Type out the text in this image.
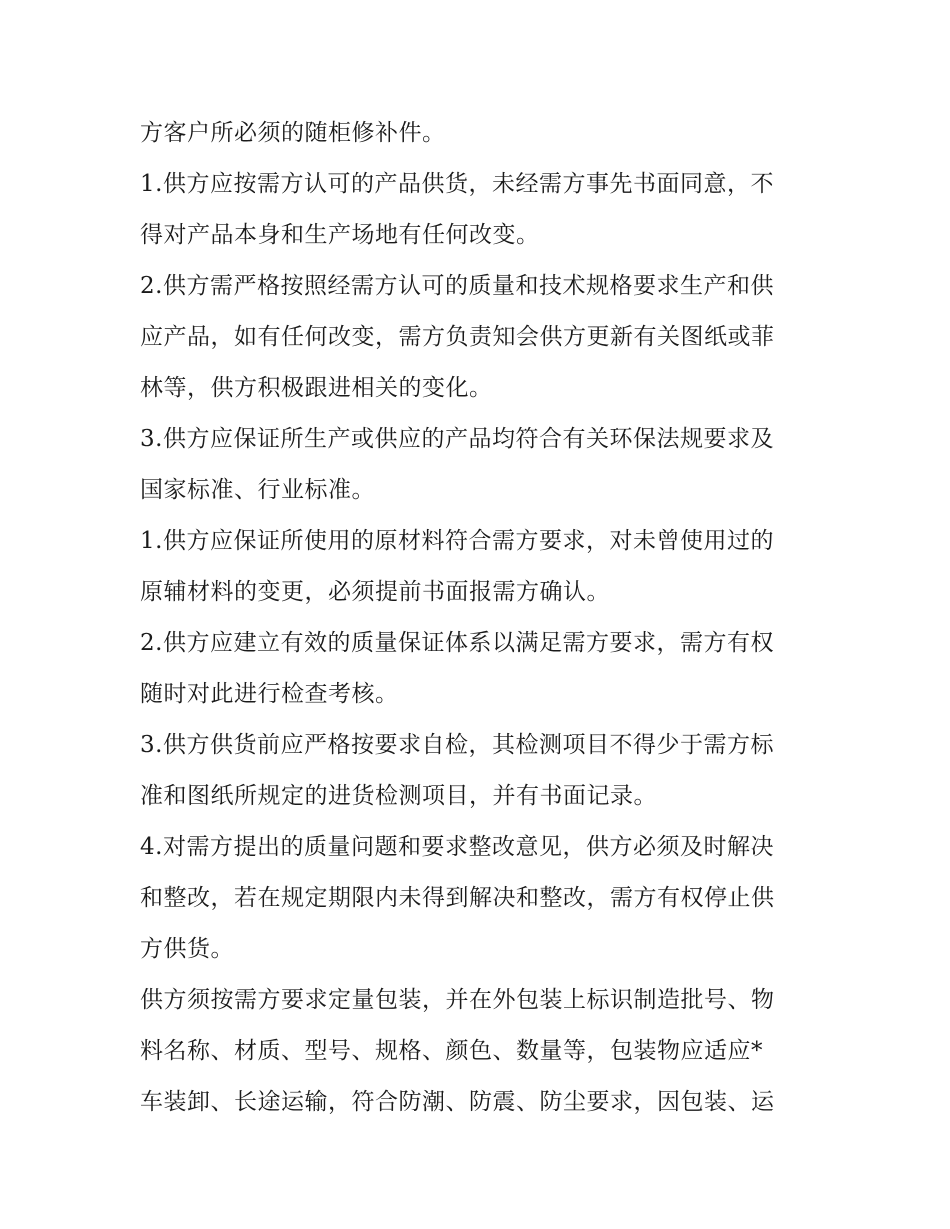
方客户所必须的随柜修补件。

1.供方应按需方认可的产品供货，未经需方事先书面同意，不
得对产品本身和生产场地有任何改变。

2.供方需严格按照经需方认可的质量和技术规格要求生产和供
应产品，如有任何改变，需方负责知会供方更新有关图纸或菲
林等，供方积极跟进相关的变化。

3.供方应保证所生产或供应的产品均符合有关环保法规要求及
国家标准、行业标准。

1.供方应保证所使用的原材料符合需方要求，对未曾使用过的
原辅材料的变更，必须提前书面报需方确认。

2.供方应建立有效的质量保证体系以满足需方要求，需方有权
随时对此进行检查考核。

3.供方供货前应严格按要求自检，其检测项目不得少于需方标
准和图纸所规定的进货检测项目，并有书面记录。

4.对需方提出的质量问题和要求整改意见，供方必须及时解决
和整改，若在规定期限内未得到解决和整改，需方有权停止供
方供货。

供方须按需方要求定量包装，并在外包装上标识制造批号、物
料名称、材质、型号、规格、颜色、数量等，包装物应适应*
车装卸、长途运输，符合防潮、防震、防尘要求，因包装、运
